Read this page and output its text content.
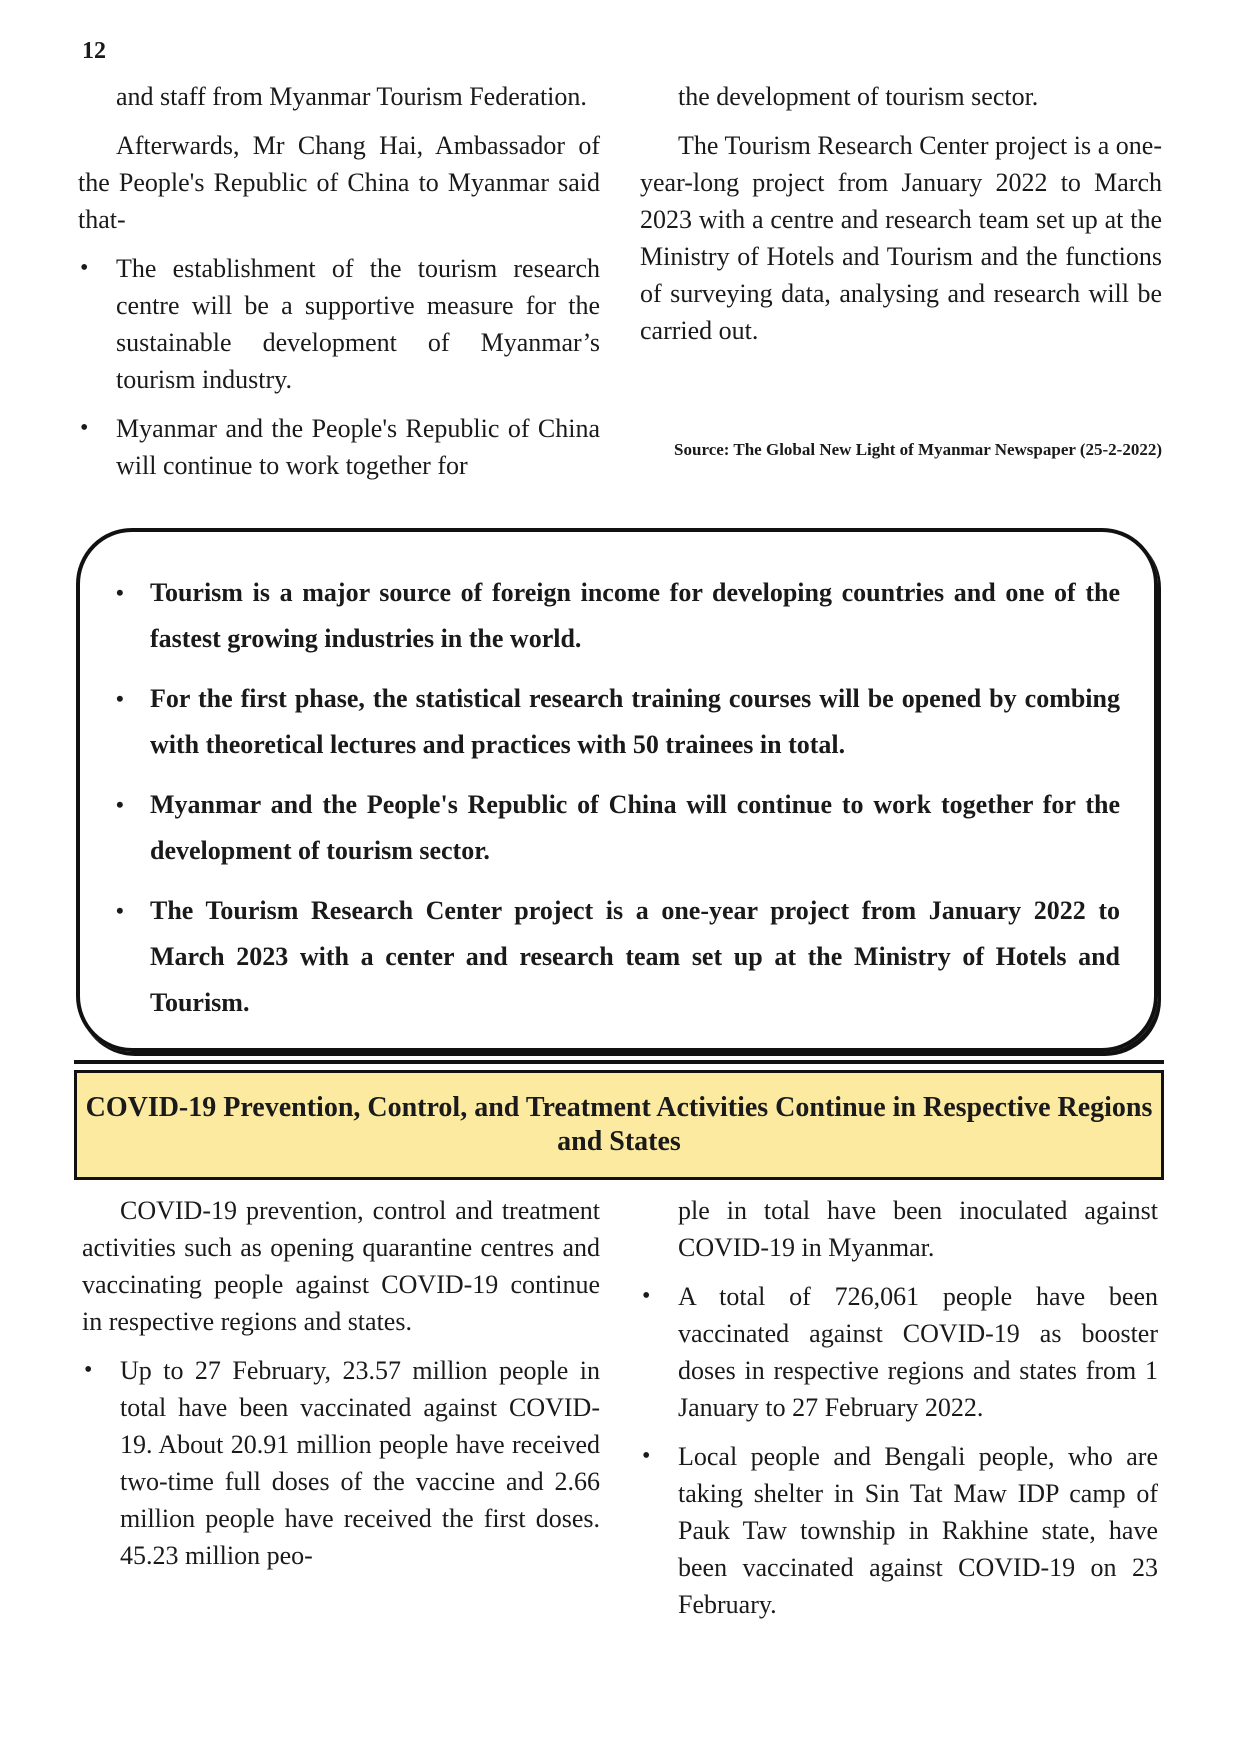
12

and staff from Myanmar Tourism Federation.

Afterwards, Mr Chang Hai, Ambassador of the People's Republic of China to Myanmar said that-

• The establishment of the tourism research centre will be a supportive measure for the sustainable development of Myanmar’s tourism industry.
• Myanmar and the People's Republic of China will continue to work together for

the development of tourism sector.

The Tourism Research Center project is a one-year-long project from January 2022 to March 2023 with a centre and research team set up at the Ministry of Hotels and Tourism and the functions of surveying data, analysing and research will be carried out.

Source: The Global New Light of Myanmar Newspaper (25-2-2022)
• Tourism is a major source of foreign income for developing countries and one of the fastest growing industries in the world.
• For the first phase, the statistical research training courses will be opened by combing with theoretical lectures and practices with 50 trainees in total.
• Myanmar and the People's Republic of China will continue to work together for the development of tourism sector.
• The Tourism Research Center project is a one-year project from January 2022 to March 2023 with a center and research team set up at the Ministry of Hotels and Tourism.
COVID-19 Prevention, Control, and Treatment Activities Continue in Respective Regions and States

COVID-19 prevention, control and treatment activities such as opening quarantine centres and vaccinating people against COVID-19 continue in respective regions and states.

• Up to 27 February, 23.57 million people in total have been vaccinated against COVID-19. About 20.91 million people have received two-time full doses of the vaccine and 2.66 million people have received the first doses. 45.23 million peo-

ple in total have been inoculated against COVID-19 in Myanmar.

• A total of 726,061 people have been vaccinated against COVID-19 as booster doses in respective regions and states from 1 January to 27 February 2022.
• Local people and Bengali people, who are taking shelter in Sin Tat Maw IDP camp of Pauk Taw township in Rakhine state, have been vaccinated against COVID-19 on 23 February.
